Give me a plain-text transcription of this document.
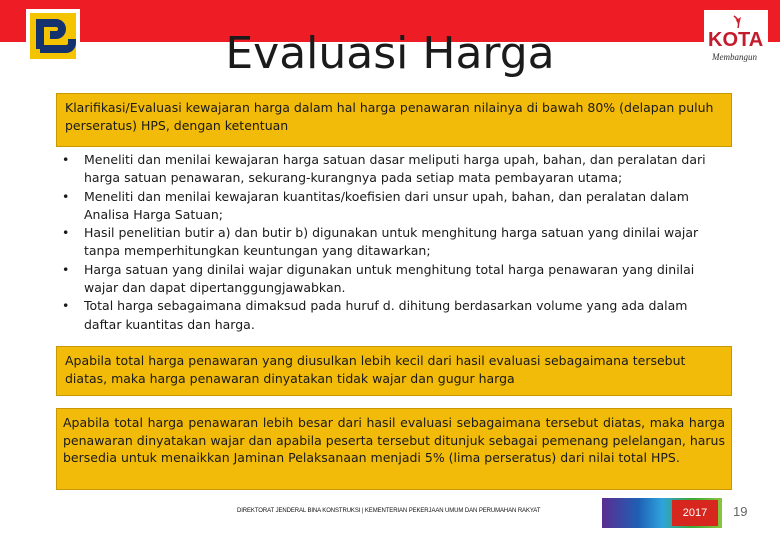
KOTA
Membangun
Evaluasi Harga
Klarifikasi/Evaluasi kewajaran harga dalam hal harga penawaran nilainya di bawah 80% (delapan puluh perseratus) HPS, dengan ketentuan
• Meneliti dan menilai kewajaran harga satuan dasar meliputi harga upah, bahan, dan peralatan dari harga satuan penawaran, sekurang-kurangnya pada setiap mata pembayaran utama;
• Meneliti dan menilai kewajaran kuantitas/koefisien dari unsur upah, bahan, dan peralatan dalam Analisa Harga Satuan;
• Hasil penelitian butir a) dan butir b) digunakan untuk menghitung harga satuan yang dinilai wajar tanpa memperhitungkan keuntungan yang ditawarkan;
• Harga satuan yang dinilai wajar digunakan untuk menghitung total harga penawaran yang dinilai wajar dan dapat dipertanggungjawabkan.
• Total harga sebagaimana dimaksud pada huruf d. dihitung berdasarkan volume yang ada dalam daftar kuantitas dan harga.
Apabila total harga penawaran yang diusulkan lebih kecil dari hasil evaluasi sebagaimana tersebut diatas, maka harga penawaran dinyatakan tidak wajar dan gugur harga
Apabila total harga penawaran lebih besar dari hasil evaluasi sebagaimana tersebut diatas, maka harga penawaran dinyatakan wajar dan apabila peserta tersebut ditunjuk sebagai pemenang pelelangan, harus bersedia untuk menaikkan Jaminan Pelaksanaan menjadi 5% (lima perseratus) dari nilai total HPS.
DIREKTORAT JENDERAL BINA KONSTRUKSI | KEMENTERIAN PEKERJAAN UMUM DAN PERUMAHAN RAKYAT	2017	19
